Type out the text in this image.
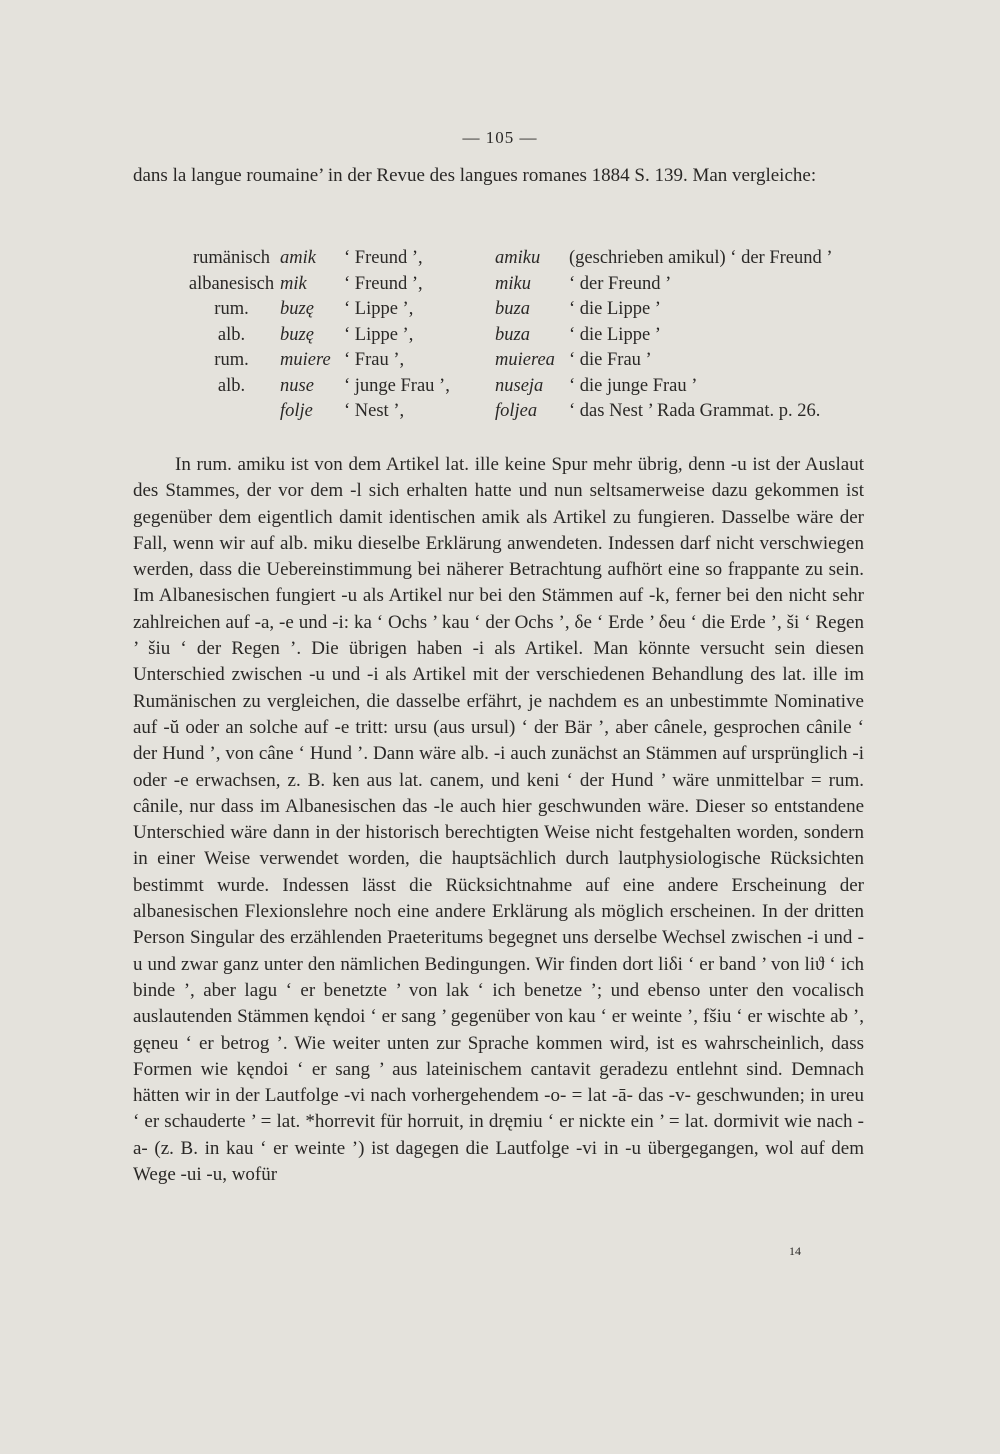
— 105 —

dans la langue roumaine’ in der Revue des langues romanes 1884 S. 139. Man vergleiche:

rumänisch	amik	‘ Freund ’,	amiku	(geschrieben amikul) ‘ der Freund ’
albanesisch	mik	‘ Freund ’,	miku	‘ der Freund ’
rum.	buzę	‘ Lippe ’,	buza	‘ die Lippe ’
alb.	buzę	‘ Lippe ’,	buza	‘ die Lippe ’
rum.	muiere	‘ Frau ’,	muierea	‘ die Frau ’
alb.	nuse	‘ junge Frau ’,	nuseja	‘ die junge Frau ’
	folje	‘ Nest ’,	foljea	‘ das Nest ’ Rada Grammat. p. 26.

In rum. amiku ist von dem Artikel lat. ille keine Spur mehr übrig, denn -u ist der Auslaut des Stammes, der vor dem -l sich erhalten hatte und nun seltsamerweise dazu gekommen ist gegenüber dem eigentlich damit identischen amik als Artikel zu fungieren. Dasselbe wäre der Fall, wenn wir auf alb. miku dieselbe Erklärung anwendeten. Indessen darf nicht verschwiegen werden, dass die Uebereinstimmung bei näherer Betrachtung aufhört eine so frappante zu sein. Im Albanesischen fungiert -u als Artikel nur bei den Stämmen auf -k, ferner bei den nicht sehr zahlreichen auf -a, -e und -i: ka ‘ Ochs ’ kau ‘ der Ochs ’, δe ‘ Erde ’ δeu ‘ die Erde ’, ši ‘ Regen ’ šiu ‘ der Regen ’. Die übrigen haben -i als Artikel. Man könnte versucht sein diesen Unterschied zwischen -u und -i als Artikel mit der verschiedenen Behandlung des lat. ille im Rumänischen zu vergleichen, die dasselbe erfährt, je nachdem es an unbestimmte Nominative auf -ŭ oder an solche auf -e tritt: ursu (aus ursul) ‘ der Bär ’, aber cânele, gesprochen cânile ‘ der Hund ’, von câne ‘ Hund ’. Dann wäre alb. -i auch zunächst an Stämmen auf ursprünglich -i oder -e erwachsen, z. B. ken aus lat. canem, und keni ‘ der Hund ’ wäre unmittelbar = rum. cânile, nur dass im Albanesischen das -le auch hier geschwunden wäre. Dieser so entstandene Unterschied wäre dann in der historisch berechtigten Weise nicht festgehalten worden, sondern in einer Weise verwendet worden, die hauptsächlich durch lautphysiologische Rücksichten bestimmt wurde. Indessen lässt die Rücksichtnahme auf eine andere Erscheinung der albanesischen Flexionslehre noch eine andere Erklärung als möglich erscheinen. In der dritten Person Singular des erzählenden Praeteritums begegnet uns derselbe Wechsel zwischen -i und -u und zwar ganz unter den nämlichen Bedingungen. Wir finden dort liδi ‘ er band ’ von liϑ ‘ ich binde ’, aber lagu ‘ er benetzte ’ von lak ‘ ich benetze ’; und ebenso unter den vocalisch auslautenden Stämmen kęndoi ‘ er sang ’ gegenüber von kau ‘ er weinte ’, fšiu ‘ er wischte ab ’, gęneu ‘ er betrog ’. Wie weiter unten zur Sprache kommen wird, ist es wahrscheinlich, dass Formen wie kęndoi ‘ er sang ’ aus lateinischem cantavit geradezu entlehnt sind. Demnach hätten wir in der Lautfolge -vi nach vorhergehendem -o- = lat -ā- das -v- geschwunden; in ureu ‘ er schauderte ’ = lat. *horrevit für horruit, in dręmiu ‘ er nickte ein ’ = lat. dormivit wie nach -a- (z. B. in kau ‘ er weinte ’) ist dagegen die Lautfolge -vi in -u übergegangen, wol auf dem Wege -ui -u, wofür

14
